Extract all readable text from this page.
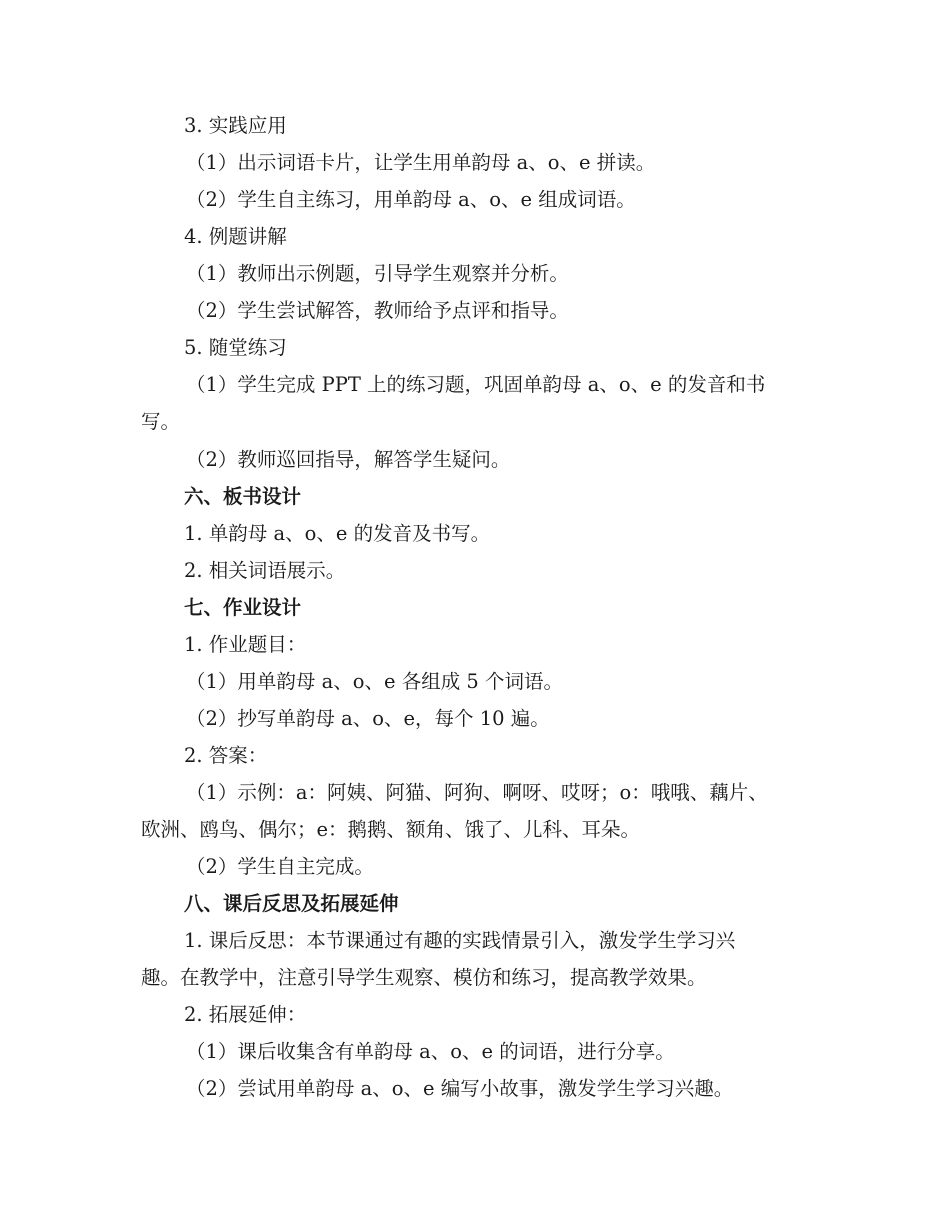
3. 实践应用
（1）出示词语卡片，让学生用单韵母 a、o、e 拼读。
（2）学生自主练习，用单韵母 a、o、e 组成词语。
4. 例题讲解
（1）教师出示例题，引导学生观察并分析。
（2）学生尝试解答，教师给予点评和指导。
5. 随堂练习
（1）学生完成 PPT 上的练习题，巩固单韵母 a、o、e 的发音和书
写。
（2）教师巡回指导，解答学生疑问。
六、板书设计
1. 单韵母 a、o、e 的发音及书写。
2. 相关词语展示。
七、作业设计
1. 作业题目：
（1）用单韵母 a、o、e 各组成 5 个词语。
（2）抄写单韵母 a、o、e，每个 10 遍。
2. 答案：
（1）示例：a：阿姨、阿猫、阿狗、啊呀、哎呀；o：哦哦、藕片、
欧洲、鸥鸟、偶尔；e：鹅鹅、额角、饿了、儿科、耳朵。
（2）学生自主完成。
八、课后反思及拓展延伸
1. 课后反思：本节课通过有趣的实践情景引入，激发学生学习兴
趣。在教学中，注意引导学生观察、模仿和练习，提高教学效果。
2. 拓展延伸：
（1）课后收集含有单韵母 a、o、e 的词语，进行分享。
（2）尝试用单韵母 a、o、e 编写小故事，激发学生学习兴趣。
